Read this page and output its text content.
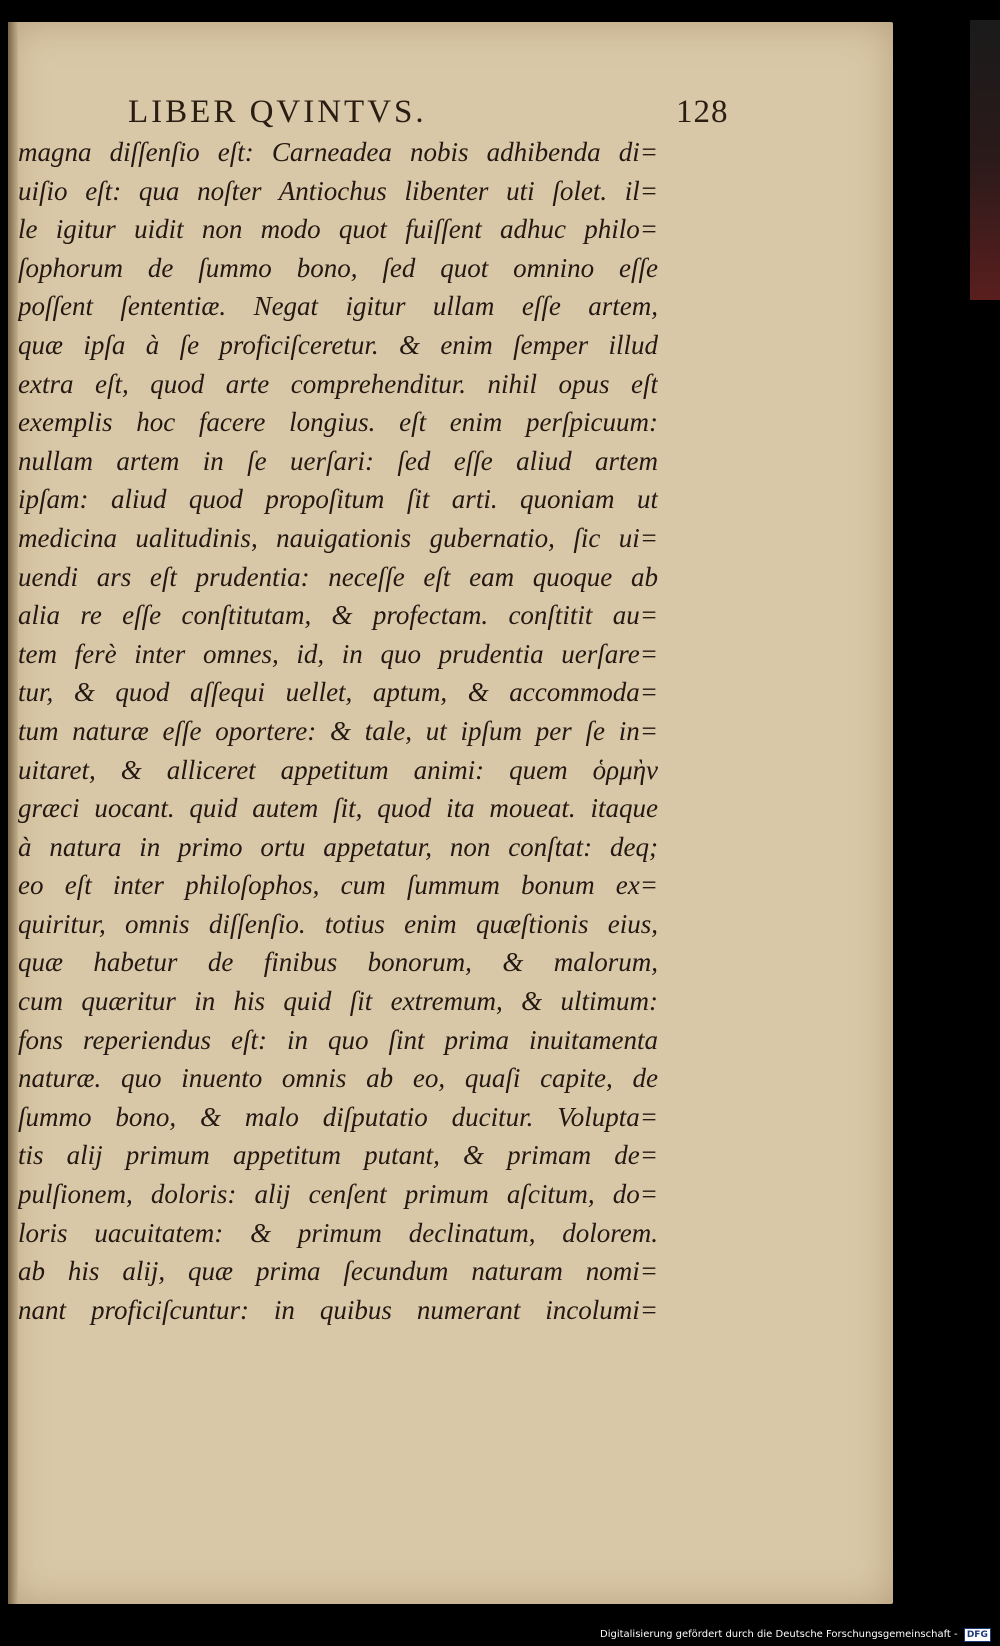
LIBER QVINTVS.	128
magna diſſenſio eſt: Carneadea nobis adhibenda di=
uiſio eſt: qua noſter Antiochus libenter uti ſolet. il=
le igitur uidit non modo quot fuiſſent adhuc philo=
ſophorum de ſummo bono, ſed quot omnino eſſe
poſſent ſententiæ. Negat igitur ullam eſſe artem,
quæ ipſa à ſe proficiſceretur. & enim ſemper illud
extra eſt, quod arte comprehenditur. nihil opus eſt
exemplis hoc facere longius. eſt enim perſpicuum:
nullam artem in ſe uerſari: ſed eſſe aliud artem
ipſam: aliud quod propoſitum ſit arti. quoniam ut
medicina ualitudinis, nauigationis gubernatio, ſic ui=
uendi ars eſt prudentia: neceſſe eſt eam quoque ab
alia re eſſe conſtitutam, & profectam. conſtitit au=
tem ferè inter omnes, id, in quo prudentia uerſare=
tur, & quod aſſequi uellet, aptum, & accommoda=
tum naturæ eſſe oportere: & tale, ut ipſum per ſe in=
uitaret, & alliceret appetitum animi: quem ὁρμὴν
græci uocant. quid autem ſit, quod ita moueat. itaque
à natura in primo ortu appetatur, non conſtat: deq;
eo eſt inter philoſophos, cum ſummum bonum ex=
quiritur, omnis diſſenſio. totius enim quæſtionis eius,
quæ habetur de finibus bonorum, & malorum,
cum quæritur in his quid ſit extremum, & ultimum:
fons reperiendus eſt: in quo ſint prima inuitamenta
naturæ. quo inuento omnis ab eo, quaſi capite, de
ſummo bono, & malo diſputatio ducitur. Volupta=
tis alij primum appetitum putant, & primam de=
pulſionem, doloris: alij cenſent primum aſcitum, do=
loris uacuitatem: & primum declinatum, dolorem.
ab his alij, quæ prima ſecundum naturam nomi=
nant proficiſcuntur: in quibus numerant incolumi=
Digitalisierung gefördert durch die Deutsche Forschungsgemeinschaft - DFG
